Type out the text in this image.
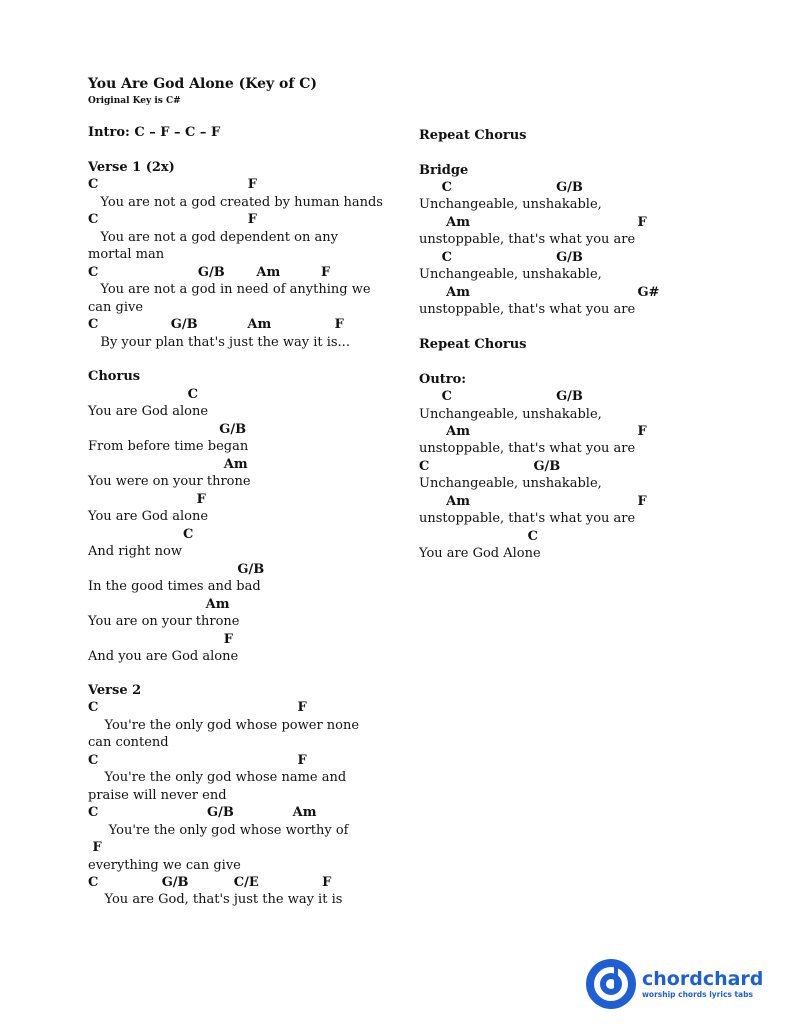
You Are God Alone (Key of C)
Original Key is C#
Intro: C – F – C – F
Verse 1 (2x)
C                                 F
You are not a god created by human hands
C                                 F
You are not a god dependent on any
mortal man
C                      G/B       Am         F
You are not a god in need of anything we
can give
C                G/B           Am              F
By your plan that's just the way it is...
Chorus
C
You are God alone
G/B
From before time began
Am
You were on your throne
F
You are God alone
C
And right now
G/B
In the good times and bad
Am
You are on your throne
F
And you are God alone
Verse 2
C                                            F
You're the only god whose power none
can contend
C                                            F
You're the only god whose name and
praise will never end
C                        G/B             Am
You're the only god whose worthy of
F
everything we can give
C              G/B          C/E              F
You are God, that's just the way it is
Repeat Chorus
Bridge
C                       G/B
Unchangeable, unshakable,
Am                                     F
unstoppable, that's what you are
C                       G/B
Unchangeable, unshakable,
Am                                     G#
unstoppable, that's what you are
Repeat Chorus
Outro:
C                       G/B
Unchangeable, unshakable,
Am                                     F
unstoppable, that's what you are
C                       G/B
Unchangeable, unshakable,
Am                                     F
unstoppable, that's what you are
C
You are God Alone
chordchard
worship chords lyrics tabs
